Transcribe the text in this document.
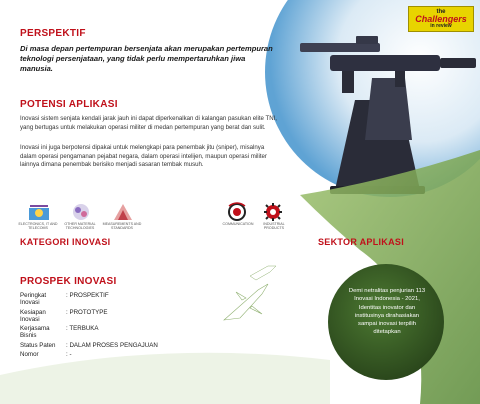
the
Challengers
in review
PERSPEKTIF

Di masa depan pertempuran bersenjata akan merupakan pertempuran teknologi persenjataan, yang tidak perlu mempertaruhkan jiwa manusia.

POTENSI APLIKASI

Inovasi sistem senjata kendali jarak jauh ini dapat diperkenalkan di kalangan pasukan elite TNI, yang bertugas untuk melakukan operasi militer di medan pertempuran yang berat dan sulit.

Inovasi ini juga berpotensi dipakai untuk melengkapi para penembak jitu (sniper), misalnya dalam operasi pengamanan pejabat negara, dalam operasi intelijen, maupun operasi militer lainnya dimana penembak berisiko menjadi sasaran tembak musuh.

ELECTRONICS, IT AND TELECOMS
OTHER MATERIAL TECHNOLOGIES
MEASUREMENTS AND STANDARDS
COMMUNICATION	INDUSTRIAL PRODUCTS
KATEGORI INOVASI	SEKTOR APLIKASI
PROSPEK INOVASI
Peringkat Inovasi	: PROSPEKTIF
Kesiapan Inovasi	: PROTOTYPE
Kerjasama Bisnis	: TERBUKA
Status Paten	: DALAM PROSES PENGAJUAN
Nomor	: -

Demi netralitas penjurian 113 Inovasi Indonesia - 2021, Identitas inovator dan institusinya dirahasiakan sampai inovasi terpilih ditetapkan
